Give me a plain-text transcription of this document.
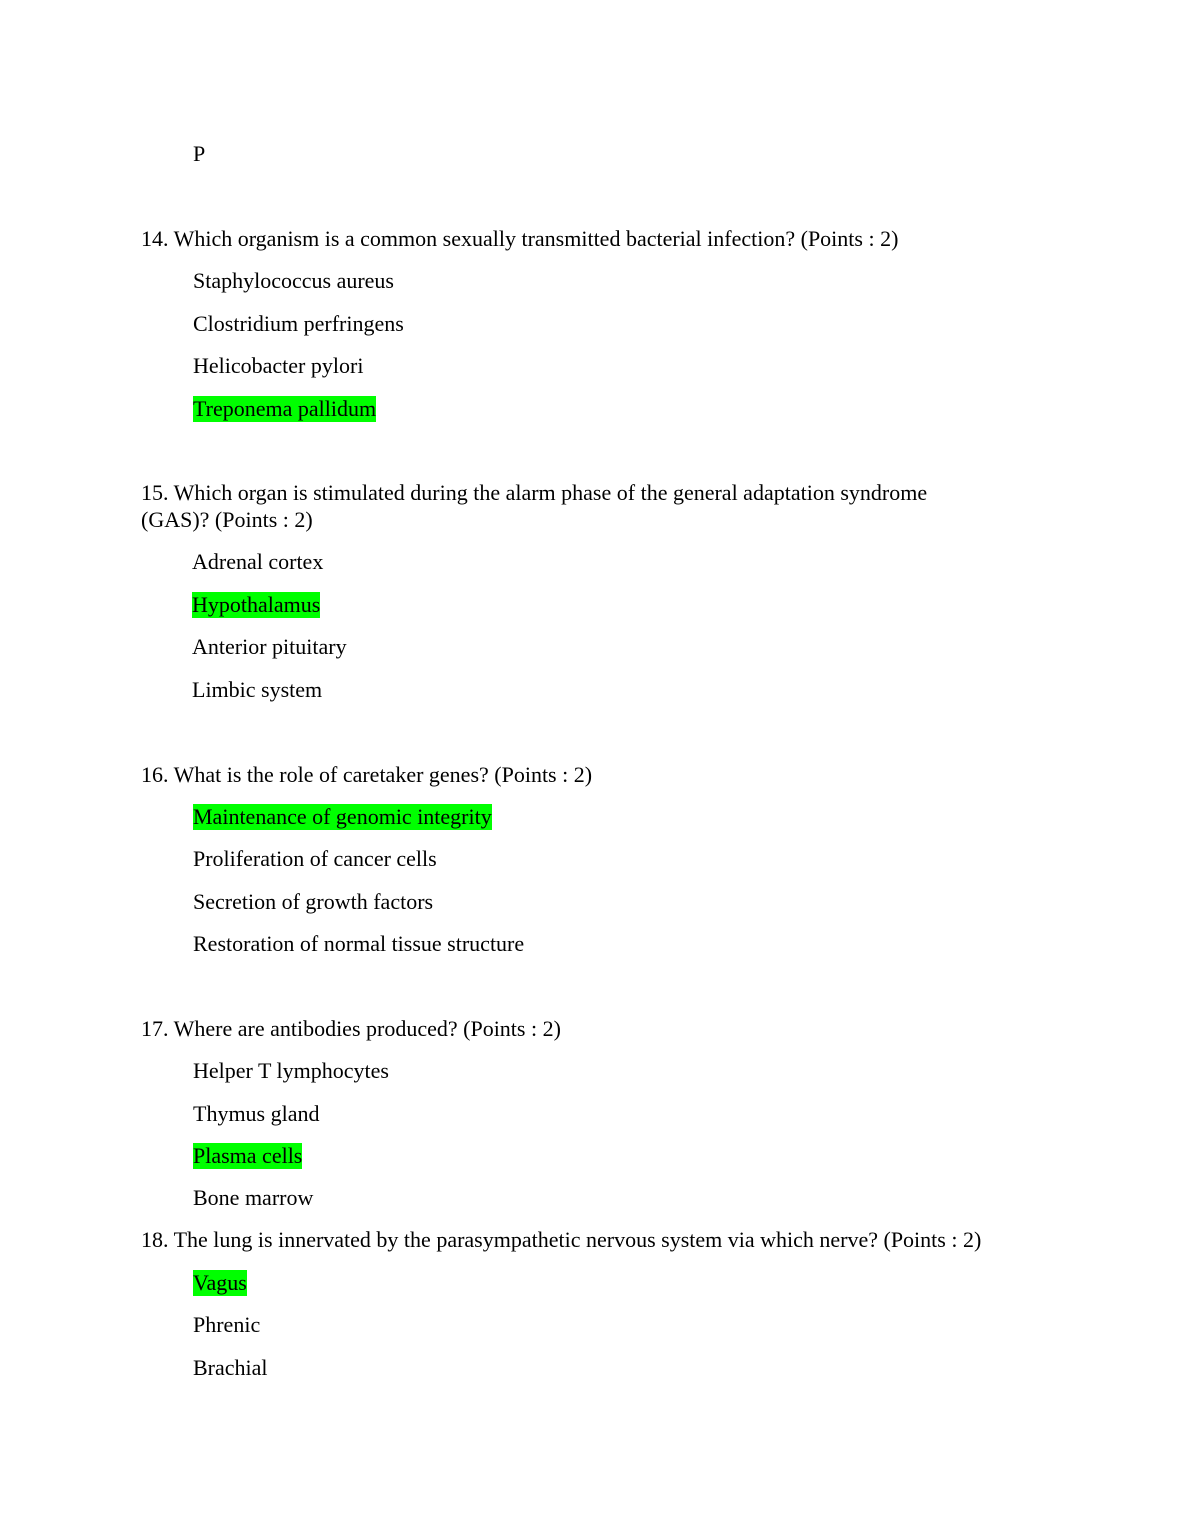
P
14. Which organism is a common sexually transmitted bacterial infection? (Points : 2)
Staphylococcus aureus
Clostridium perfringens
Helicobacter pylori
Treponema pallidum
15. Which organ is stimulated during the alarm phase of the general adaptation syndrome
(GAS)? (Points : 2)
Adrenal cortex
Hypothalamus
Anterior pituitary
Limbic system
16. What is the role of caretaker genes? (Points : 2)
Maintenance of genomic integrity
Proliferation of cancer cells
Secretion of growth factors
Restoration of normal tissue structure
17. Where are antibodies produced? (Points : 2)
Helper T lymphocytes
Thymus gland
Plasma cells
Bone marrow
18. The lung is innervated by the parasympathetic nervous system via which nerve? (Points : 2)
Vagus
Phrenic
Brachial
